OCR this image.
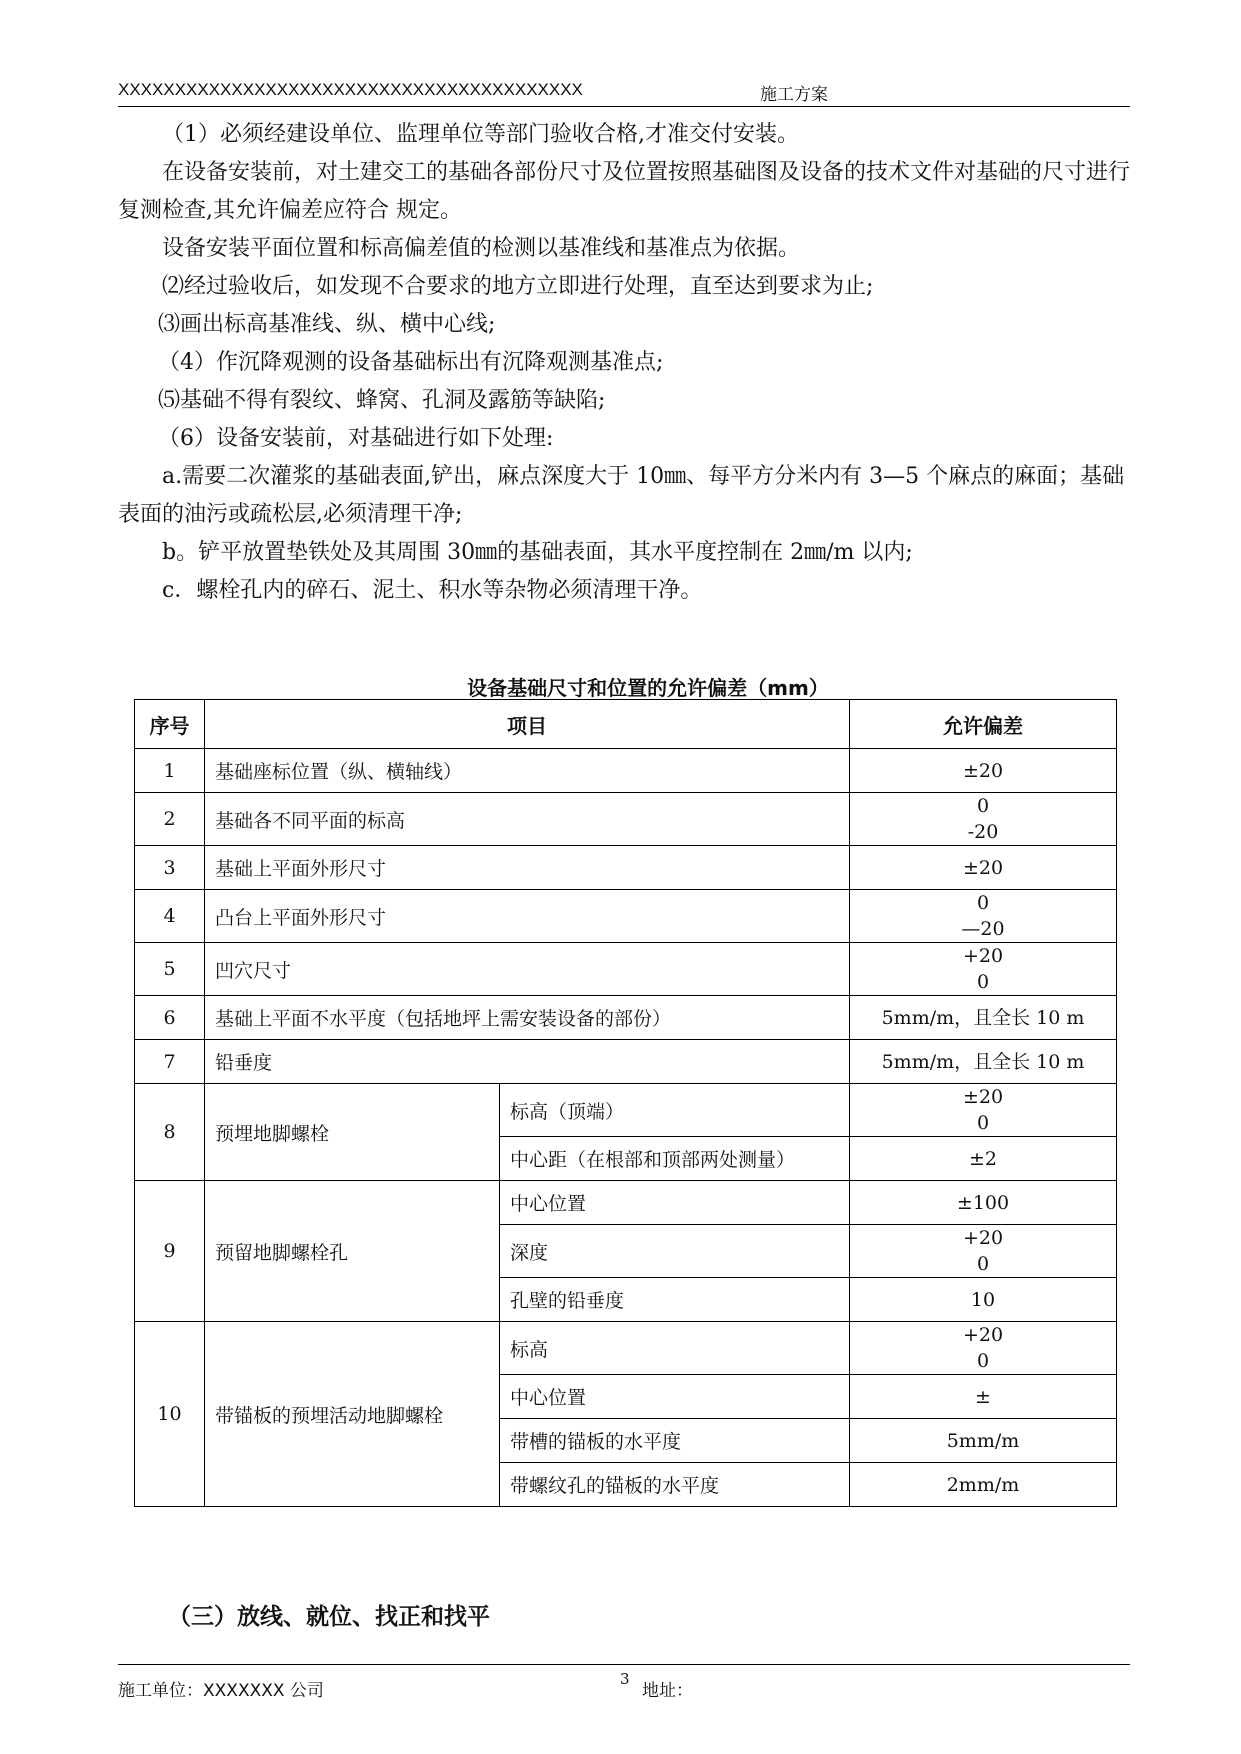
XXXXXXXXXXXXXXXXXXXXXXXXXXXXXXXXXXXXXXXXX	施工方案

（1）必须经建设单位、监理单位等部门验收合格,才准交付安装。

在设备安装前，对土建交工的基础各部份尺寸及位置按照基础图及设备的技术文件对基础的尺寸进行复测检查,其允许偏差应符合 规定。

设备安装平面位置和标高偏差值的检测以基准线和基准点为依据。

⑵经过验收后，如发现不合要求的地方立即进行处理，直至达到要求为止;

⑶画出标高基准线、纵、横中心线;

（4）作沉降观测的设备基础标出有沉降观测基准点;

⑸基础不得有裂纹、蜂窝、孔洞及露筋等缺陷;

（6）设备安装前，对基础进行如下处理:

a.需要二次灌浆的基础表面,铲出，麻点深度大于 10㎜、每平方分米内有 3—5 个麻点的麻面；基础表面的油污或疏松层,必须清理干净;

b。铲平放置垫铁处及其周围 30㎜的基础表面，其水平度控制在 2㎜/m 以内;

c．螺栓孔内的碎石、泥土、积水等杂物必须清理干净。

设备基础尺寸和位置的允许偏差（mm）
序号	项目		允许偏差
1	基础座标位置（纵、横轴线）		±20

2	基础各不同平面的标高		0
-20

3	基础上平面外形尺寸		±20

4	凸台上平面外形尺寸		0
—20

5	凹穴尺寸		+20
0

6	基础上平面不水平度（包括地坪上需安装设备的部份）		5mm/m，且全长 10 m

7	铅垂度		5mm/m，且全长 10 m

8	预埋地脚螺栓	标高（顶端）	±20
0

		中心距（在根部和顶部两处测量）	±2

9	预留地脚螺栓孔	中心位置	±100

		深度	+20
0

		孔壁的铅垂度	10

10	带锚板的预埋活动地脚螺栓	标高	+20
0

		中心位置	±

		带槽的锚板的水平度	5mm/m

		带螺纹孔的锚板的水平度	2mm/m
（三）放线、就位、找正和找平
施工单位：XXXXXXX 公司
3
地址：
